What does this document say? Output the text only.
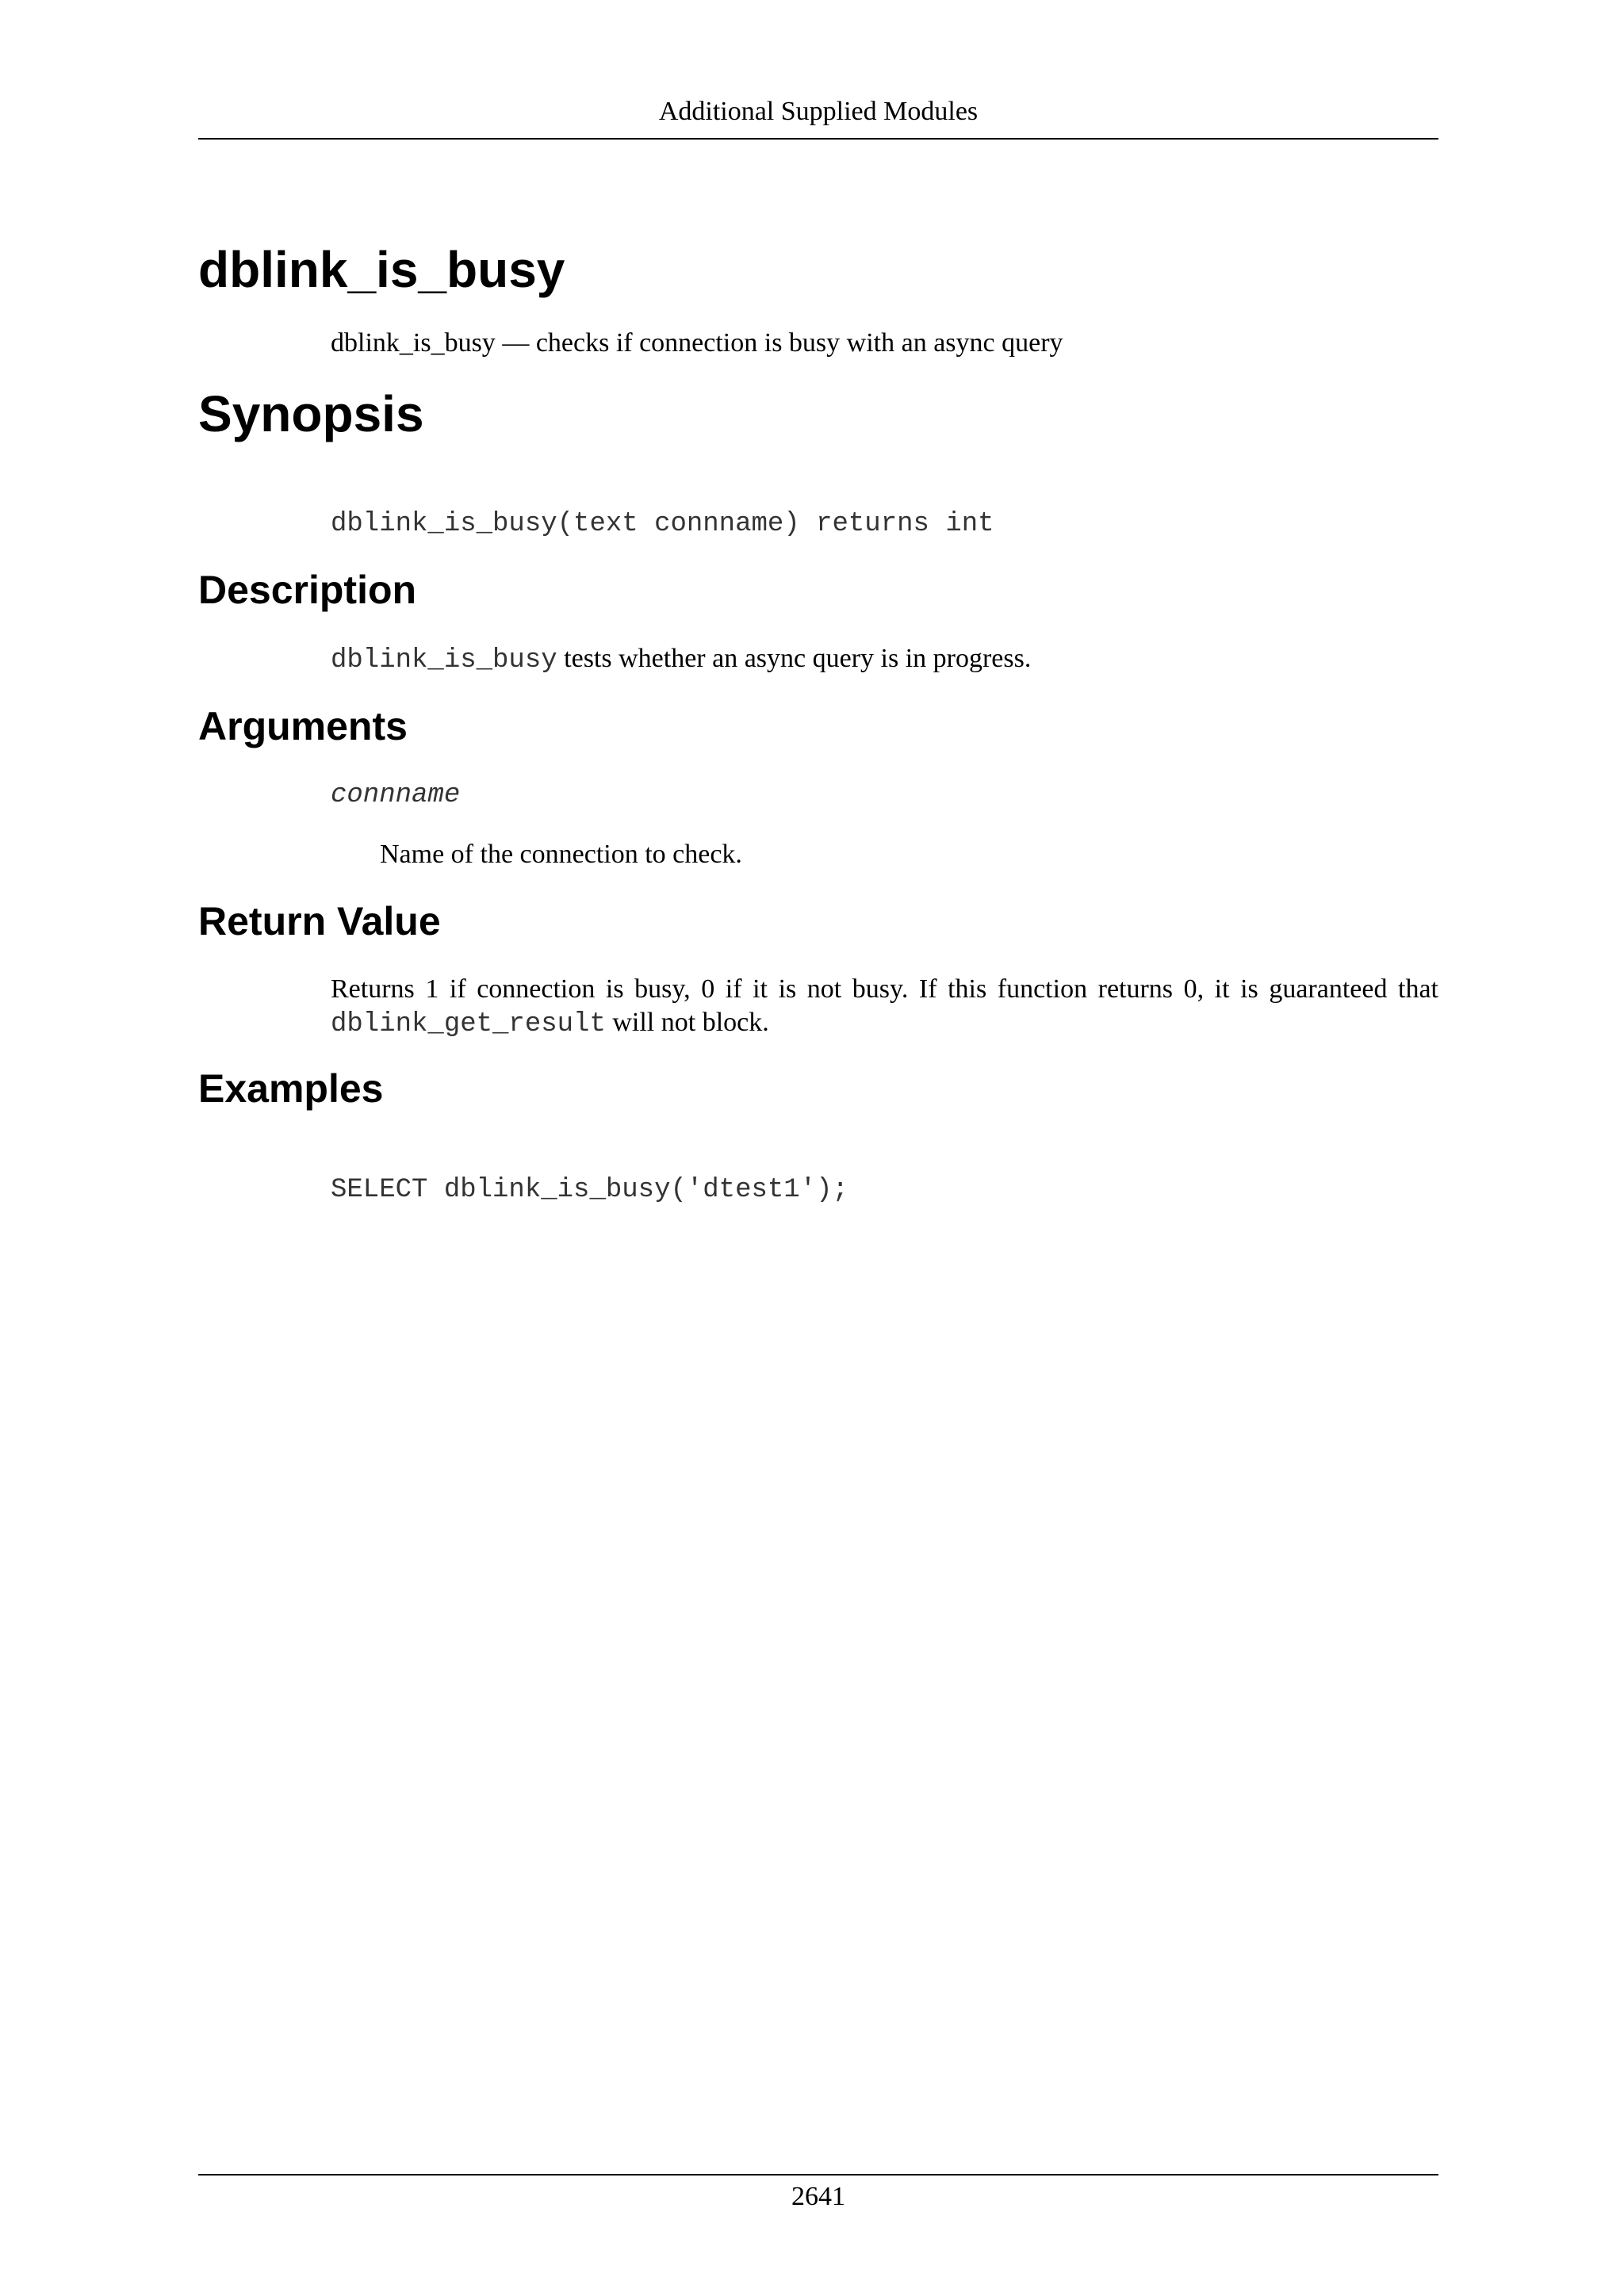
Additional Supplied Modules
dblink_is_busy

dblink_is_busy — checks if connection is busy with an async query

Synopsis

dblink_is_busy(text connname) returns int

Description

dblink_is_busy tests whether an async query is in progress.

Arguments

connname

Name of the connection to check.

Return Value

Returns 1 if connection is busy, 0 if it is not busy. If this function returns 0, it is guaranteed that dblink_get_result will not block.

Examples

SELECT dblink_is_busy('dtest1');

2641
